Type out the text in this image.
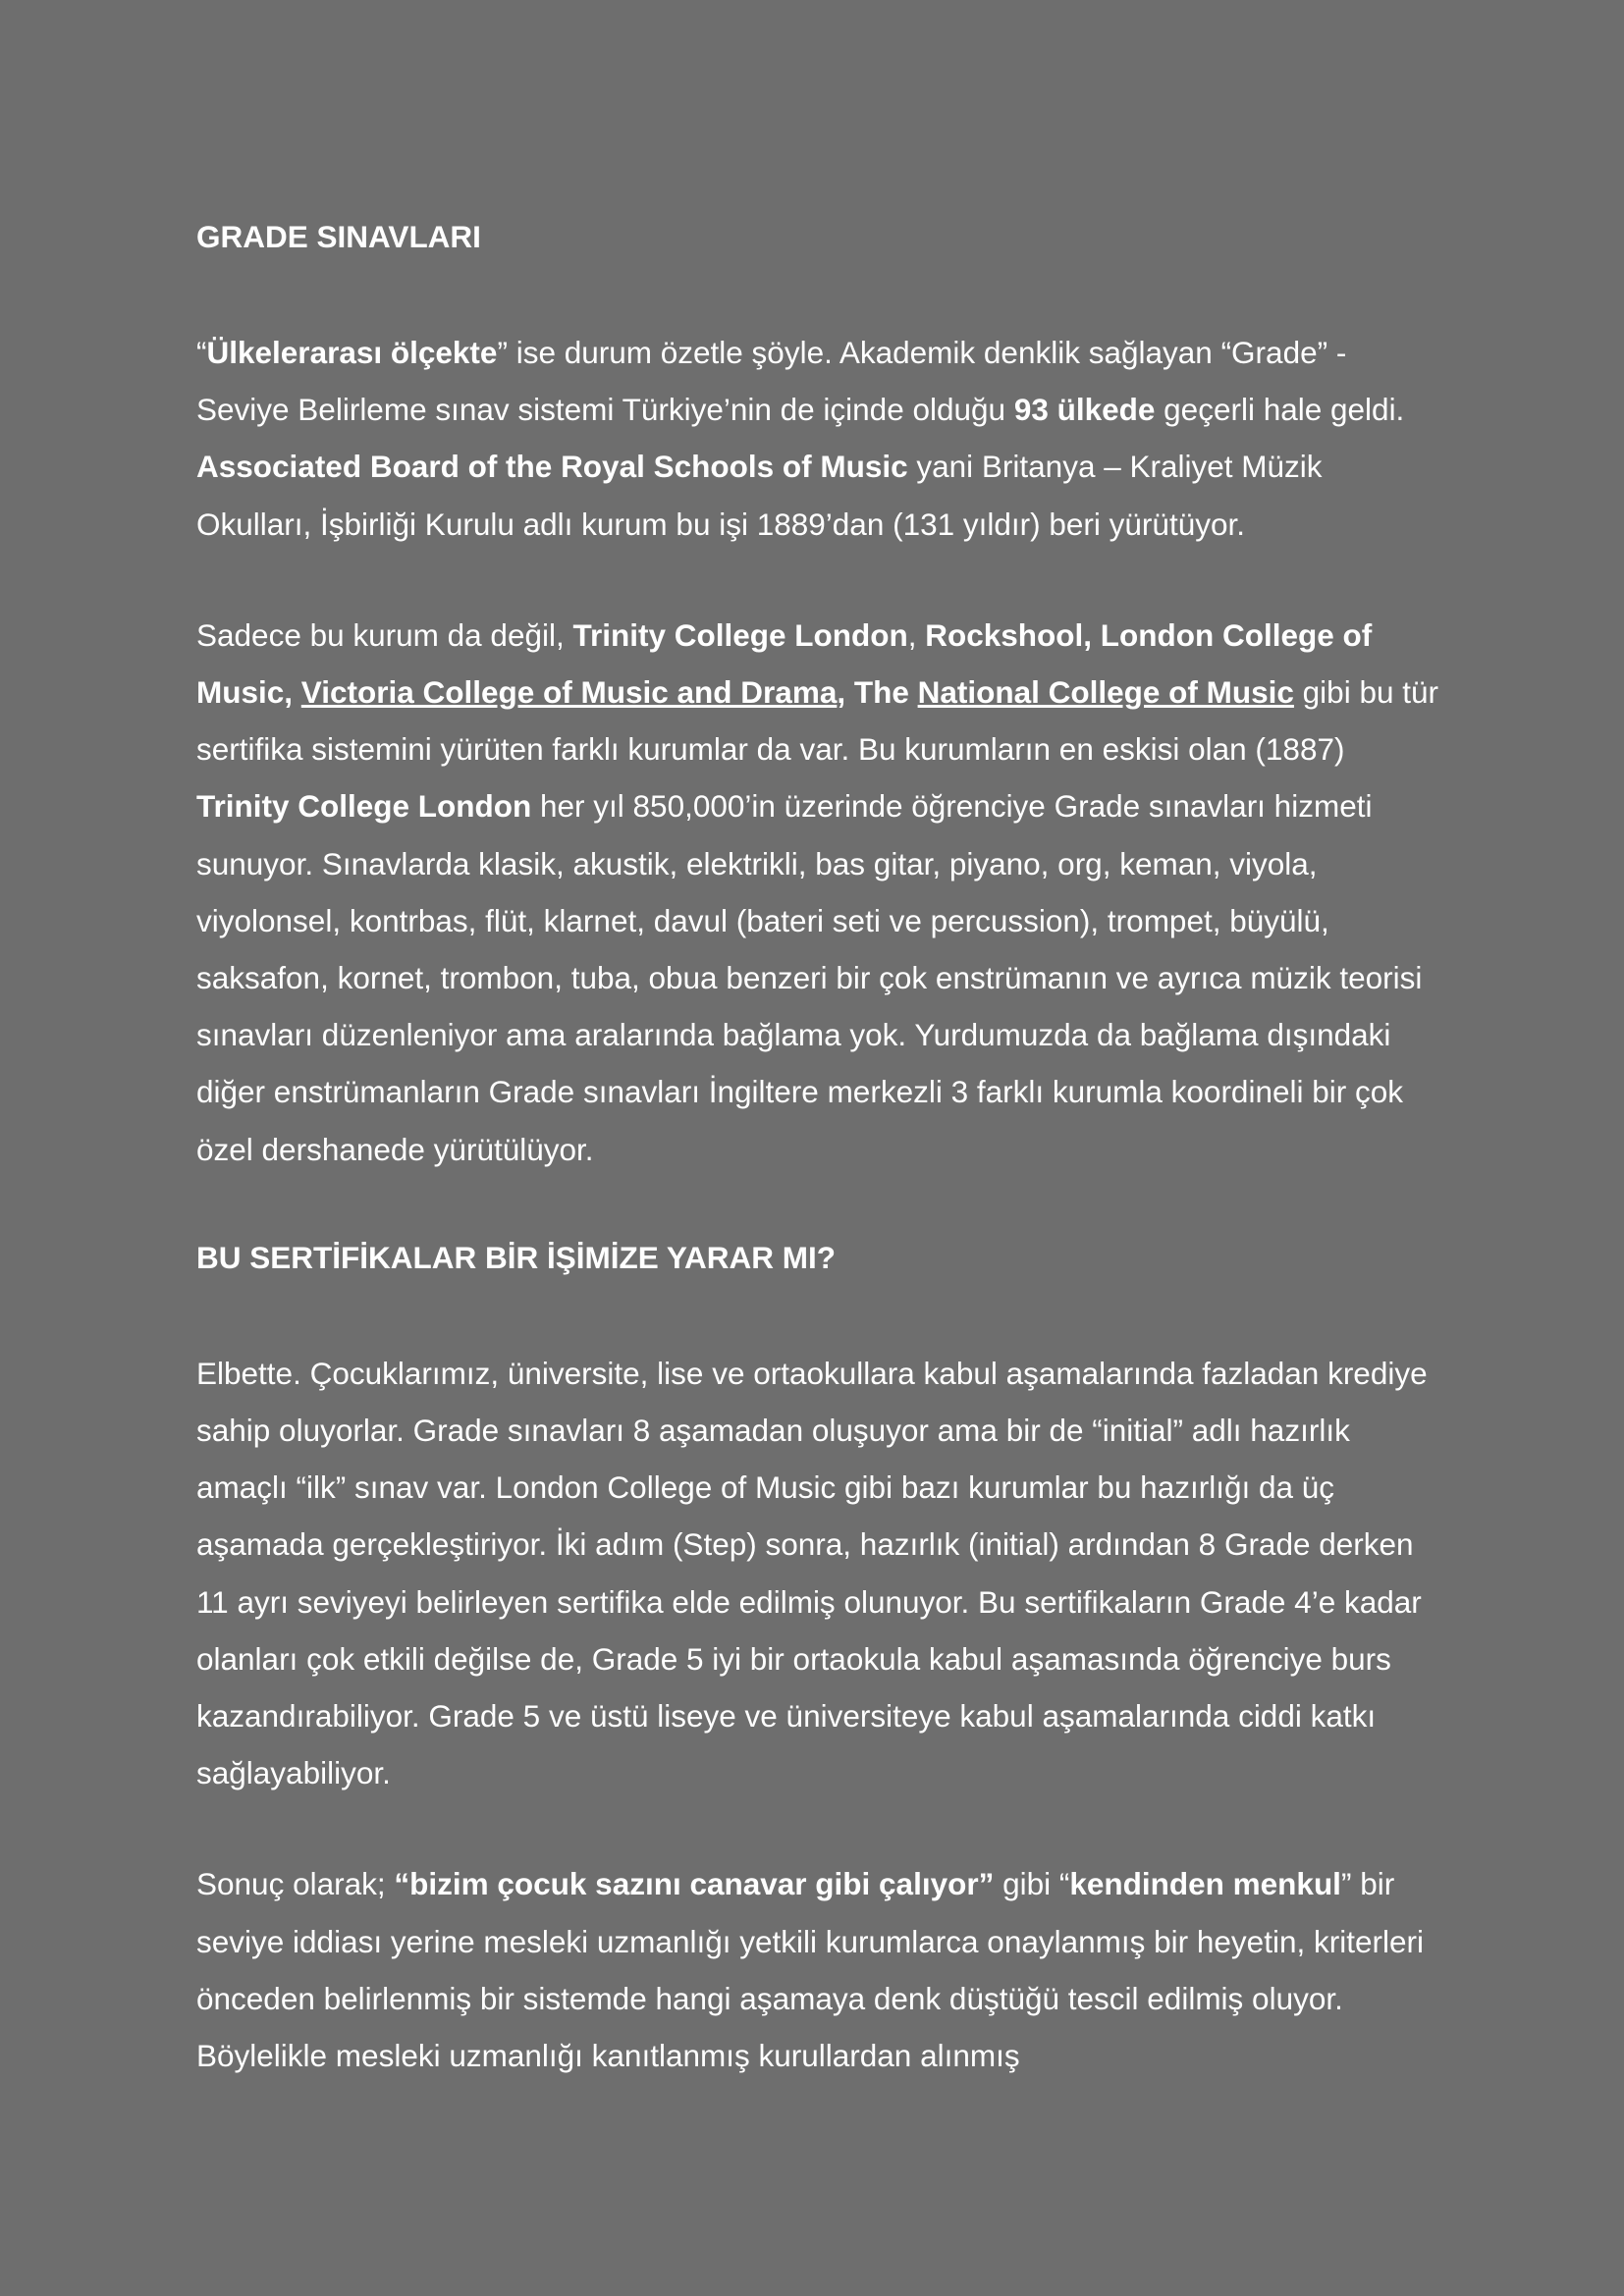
GRADE SINAVLARI

“Ülkelerarası ölçekte” ise durum özetle şöyle. Akademik denklik sağlayan “Grade” - Seviye Belirleme sınav sistemi Türkiye’nin de içinde olduğu 93 ülkede geçerli hale geldi. Associated Board of the Royal Schools of Music yani Britanya – Kraliyet Müzik Okulları, İşbirliği Kurulu adlı kurum bu işi 1889’dan (131 yıldır) beri yürütüyor.

Sadece bu kurum da değil, Trinity College London, Rockshool, London College of Music, Victoria College of Music and Drama, The National College of Music gibi bu tür sertifika sistemini yürüten farklı kurumlar da var. Bu kurumların en eskisi olan (1887) Trinity College London her yıl 850,000’in üzerinde öğrenciye Grade sınavları hizmeti sunuyor. Sınavlarda klasik, akustik, elektrikli, bas gitar, piyano, org, keman, viyola, viyolonsel, kontrbas, flüt, klarnet, davul (bateri seti ve percussion), trompet, büyülü, saksafon, kornet, trombon, tuba, obua benzeri bir çok enstrümanın ve ayrıca müzik teorisi sınavları düzenleniyor ama aralarında bağlama yok. Yurdumuzda da bağlama dışındaki diğer enstrümanların Grade sınavları İngiltere merkezli 3 farklı kurumla koordineli bir çok özel dershanede yürütülüyor.

BU SERTİFİKALAR BİR İŞİMİZE YARAR MI?

Elbette. Çocuklarımız, üniversite, lise ve ortaokullara kabul aşamalarında fazladan krediye sahip oluyorlar. Grade sınavları 8 aşamadan oluşuyor ama bir de “initial” adlı hazırlık amaçlı “ilk” sınav var. London College of Music gibi bazı kurumlar bu hazırlığı da üç aşamada gerçekleştiriyor. İki adım (Step) sonra, hazırlık (initial) ardından 8 Grade derken 11 ayrı seviyeyi belirleyen sertifika elde edilmiş olunuyor. Bu sertifikaların Grade 4’e kadar olanları çok etkili değilse de, Grade 5 iyi bir ortaokula kabul aşamasında öğrenciye burs kazandırabiliyor. Grade 5 ve üstü liseye ve üniversiteye kabul aşamalarında ciddi katkı sağlayabiliyor.

Sonuç olarak; “bizim çocuk sazını canavar gibi çalıyor” gibi “kendinden menkul” bir seviye iddiası yerine mesleki uzmanlığı yetkili kurumlarca onaylanmış bir heyetin, kriterleri önceden belirlenmiş bir sistemde hangi aşamaya denk düştüğü tescil edilmiş oluyor. Böylelikle mesleki uzmanlığı kanıtlanmış kurullardan alınmış
